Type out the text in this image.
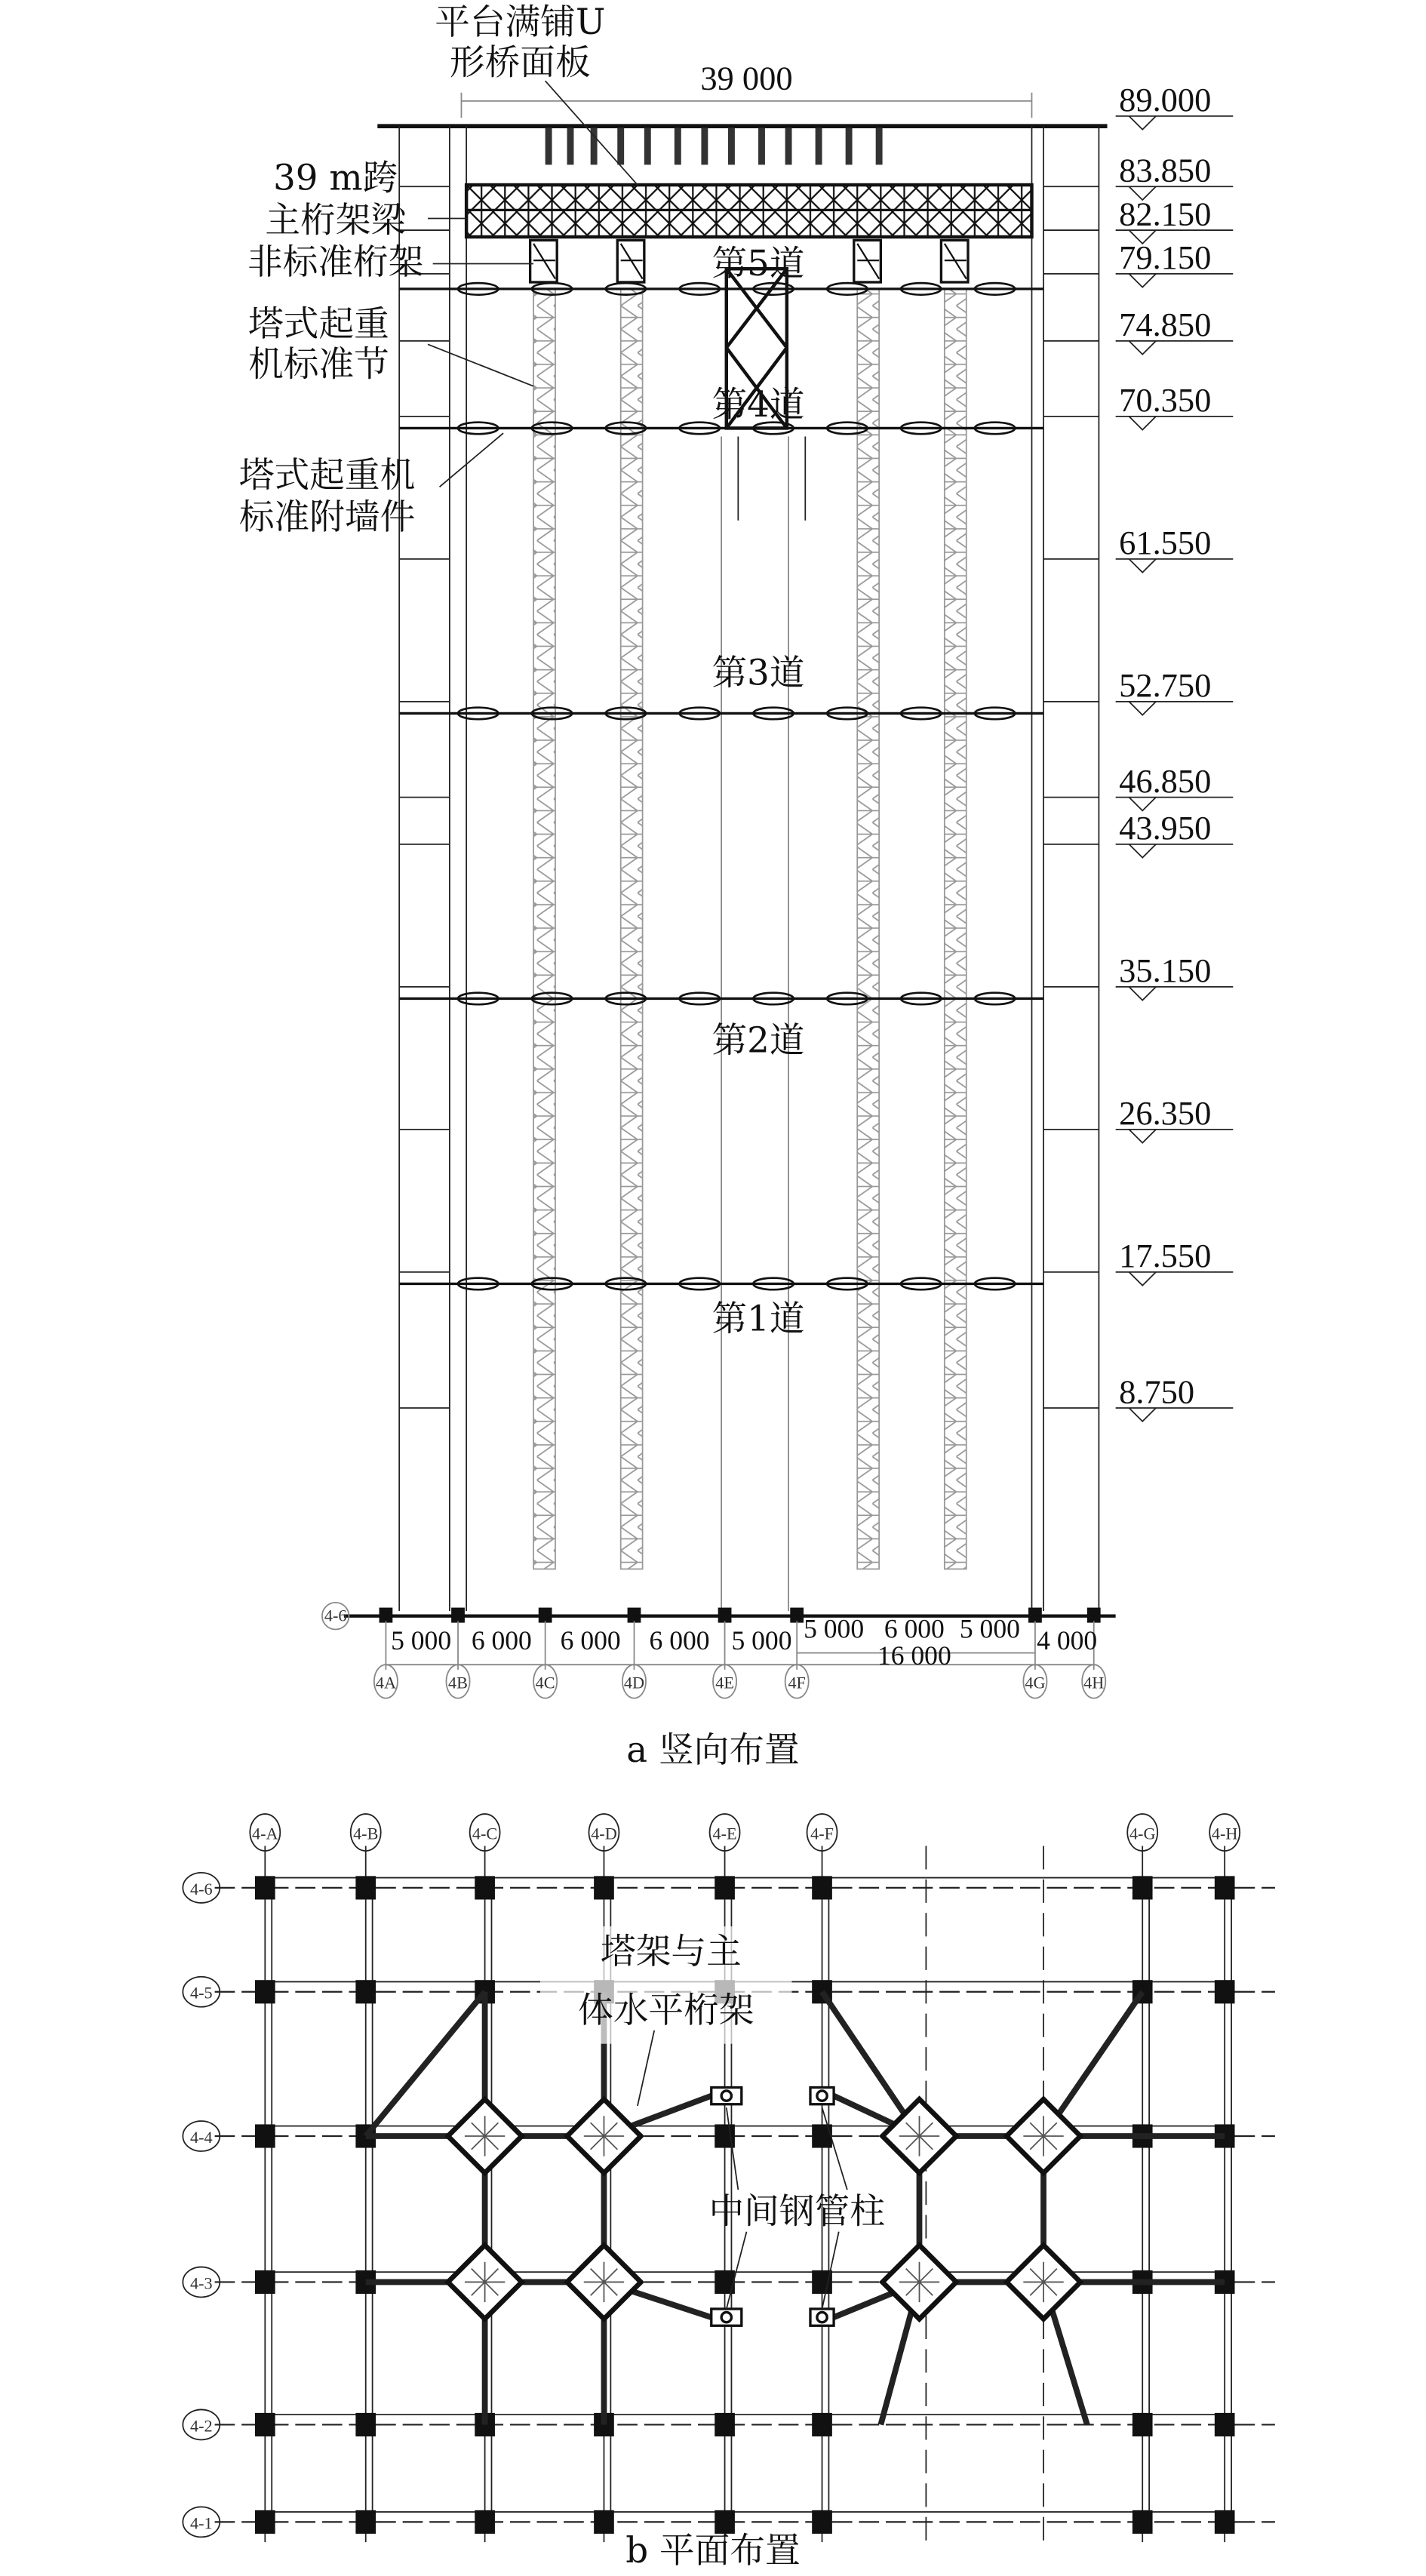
第5道
第4道
第3道
第2道
第1道
89.000
83.850
82.150
79.150
74.850
70.350
61.550
52.750
46.850
43.950
35.150
26.350
17.550
8.750
39 000
平台满铺U
形桥面板
39 m跨
主桁架梁
非标准桁架
塔式起重
机标准节
塔式起重机
标准附墙件
4-6
16 000
4A	4B	4C	4D	4E	4F	4G	4H
5 000 6 000 6 000 6 000 5 000 5 000 6 000 5 000 4 000
a 竖向布置
4-A	4-B	4-C	4-D	4-E	4-F	4-G	4-H
4-6
4-5
4-4
4-3
4-2
4-1
塔架与主
体水平桁架
中间钢管柱
b 平面布置
